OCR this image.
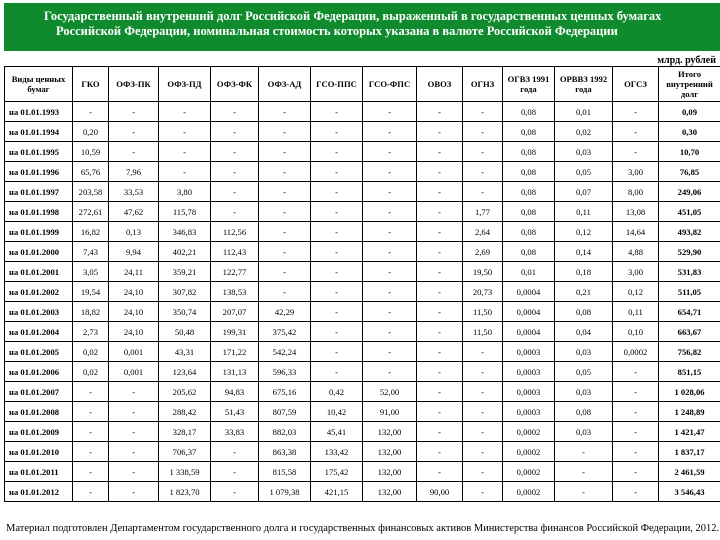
Государственный внутренний долг Российской Федерации, выраженный в государственных ценных бумагах
Российской Федерации, номинальная стоимость которых указана в валюте Российской Федерации
млрд. рублей
Виды ценных бумаг	ГКО	ОФЗ-ПК	ОФЗ-ПД	ОФЗ-ФК	ОФЗ-АД	ГСО-ППС	ГСО-ФПС	ОВОЗ	ОГНЗ	ОГВЗ 1991 года	ОРВВЗ 1992 года	ОГСЗ	Итого внутренний долг
на 01.01.1993	-	-	-	-	-	-	-	-	-	0,08	0,01	-	0,09
на 01.01.1994	0,20	-	-	-	-	-	-	-	-	0,08	0,02	-	0,30
на 01.01.1995	10,59	-	-	-	-	-	-	-	-	0,08	0,03	-	10,70
на 01.01.1996	65,76	7,96	-	-	-	-	-	-	-	0,08	0,05	3,00	76,85
на 01.01.1997	203,58	33,53	3,80	-	-	-	-	-	-	0,08	0,07	8,00	249,06
на 01.01.1998	272,61	47,62	115,78	-	-	-	-	-	1,77	0,08	0,11	13,08	451,05
на 01.01.1999	16,82	0,13	346,83	112,56	-	-	-	-	2,64	0,08	0,12	14,64	493,82
на 01.01.2000	7,43	9,94	402,21	112,43	-	-	-	-	2,69	0,08	0,14	4,88	529,90
на 01.01.2001	3,05	24,11	359,21	122,77	-	-	-	-	19,50	0,01	0,18	3,00	531,83
на 01.01.2002	19,54	24,10	307,82	138,53	-	-	-	-	20,73	0,0004	0,21	0,12	511,05
на 01.01.2003	18,82	24,10	350,74	207,07	42,29	-	-	-	11,50	0,0004	0,08	0,11	654,71
на 01.01.2004	2,73	24,10	50,48	199,31	375,42	-	-	-	11,50	0,0004	0,04	0,10	663,67
на 01.01.2005	0,02	0,001	43,31	171,22	542,24	-	-	-	-	0,0003	0,03	0,0002	756,82
на 01.01.2006	0,02	0,001	123,64	131,13	596,33	-	-	-	-	0,0003	0,05	-	851,15
на 01.01.2007	-	-	205,62	94,83	675,16	0,42	52,00	-	-	0,0003	0,03	-	1 028,06
на 01.01.2008	-	-	288,42	51,43	807,59	10,42	91,00	-	-	0,0003	0,08	-	1 248,89
на 01.01.2009	-	-	328,17	33,83	882,03	45,41	132,00	-	-	0,0002	0,03	-	1 421,47
на 01.01.2010	-	-	706,37	-	863,38	133,42	132,00	-	-	0,0002	-	-	1 837,17
на 01.01.2011	-	-	1 338,59	-	815,58	175,42	132,00	-	-	0,0002	-	-	2 461,59
на 01.01.2012	-	-	1 823,70	-	1 079,38	421,15	132,00	90,00	-	0,0002	-	-	3 546,43
Материал подготовлен Департаментом государственного долга и государственных финансовых активов Министерства финансов Российской Федерации, 2012.
